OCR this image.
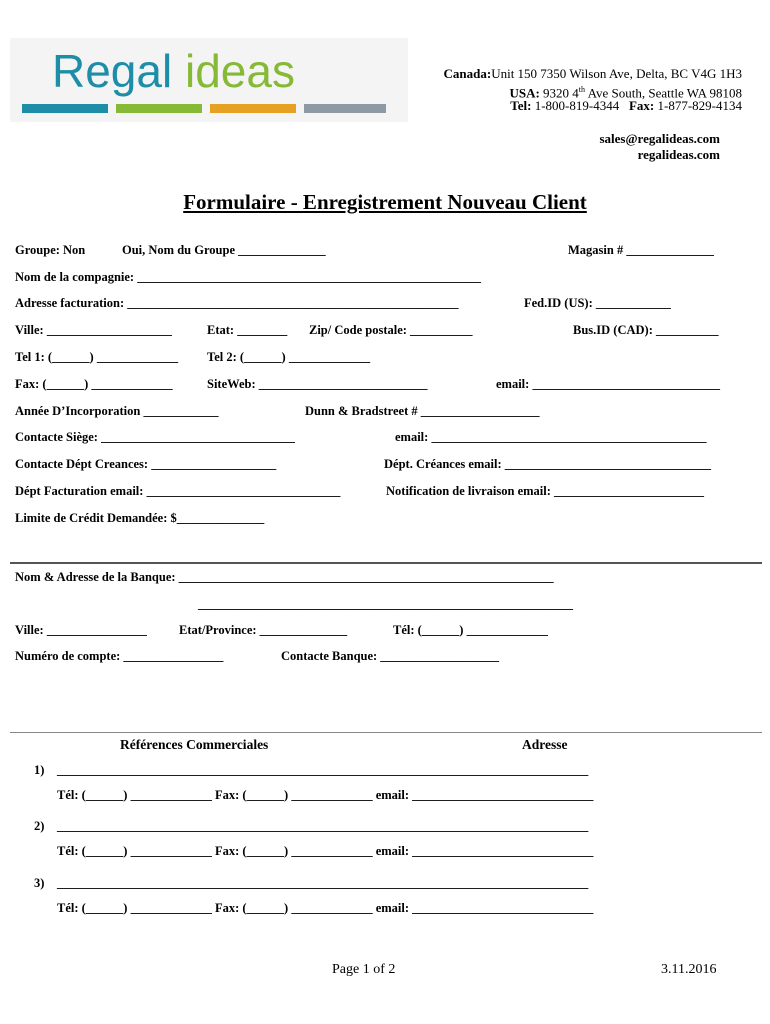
Regal ideas	Canada:Unit 150 7350 Wilson Ave, Delta, BC V4G 1H3
USA: 9320 4th Ave South, Seattle WA 98108
Tel: 1-800-819-4344   Fax: 1-877-829-4134
sales@regalideas.com
regalideas.com
Formulaire - Enregistrement Nouveau Client
Groupe: Non	Oui, Nom du Groupe ______________	Magasin # ______________
Nom de la compagnie: _______________________________________________________
Adresse facturation: _____________________________________________________	Fed.ID (US): ____________
Ville: ____________________	Etat: ________ Zip/ Code postale: __________	Bus.ID (CAD): __________
Tel 1: (______) _____________ Tel 2: (______) _____________
Fax: (______) _____________	SiteWeb: ___________________________	email: ______________________________
Année D’Incorporation ____________	Dunn & Bradstreet # ___________________
Contacte Siège: _______________________________	email: ____________________________________________
Contacte Dépt Creances: ____________________	Dépt. Créances email: _________________________________
Dépt Facturation email: _______________________________	Notification de livraison email: ________________________
Limite de Crédit Demandée: $______________
Nom & Adresse de la Banque: ____________________________________________________________
____________________________________________________________
Ville: ________________	Etat/Province: ______________	Tél: (______) _____________
Numéro de compte: ________________	Contacte Banque: ___________________
Références Commerciales	Adresse
1) _____________________________________________________________________________________
Tél: (______) _____________ Fax: (______) _____________ email: _____________________________
2) _____________________________________________________________________________________
Tél: (______) _____________ Fax: (______) _____________ email: _____________________________
3) _____________________________________________________________________________________
Tél: (______) _____________ Fax: (______) _____________ email: _____________________________
Page 1 of 2	3.11.2016
